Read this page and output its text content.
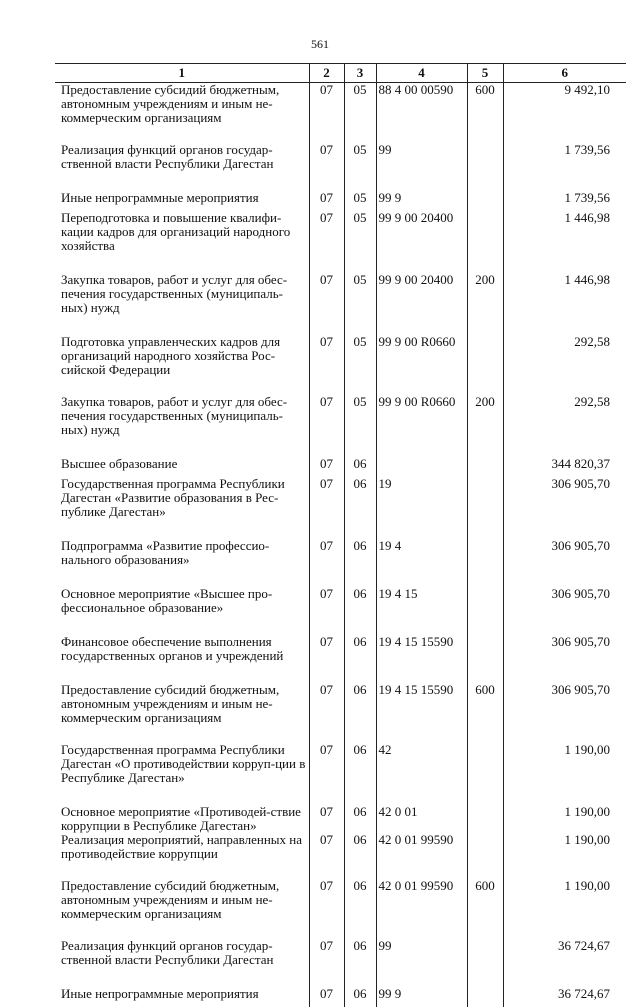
561
1	2	3	4	5	6
Предоставление субсидий бюджетным, автономным учреждениям и иным не-коммерческим организациям	07	05	88 4 00 00590	600	9 492,10
Реализация функций органов государ-ственной власти Республики Дагестан	07	05	99		1 739,56
Иные непрограммные мероприятия	07	05	99 9		1 739,56
Переподготовка и повышение квалифи-кации кадров для организаций народного хозяйства	07	05	99 9 00 20400		1 446,98
Закупка товаров, работ и услуг для обес-печения государственных (муниципаль-ных) нужд	07	05	99 9 00 20400	200	1 446,98
Подготовка управленческих кадров для организаций народного хозяйства Рос-сийской Федерации	07	05	99 9 00 R0660		292,58
Закупка товаров, работ и услуг для обес-печения государственных (муниципаль-ных) нужд	07	05	99 9 00 R0660	200	292,58
Высшее образование	07	06			344 820,37
Государственная программа Республики Дагестан «Развитие образования в Рес-публике Дагестан»	07	06	19		306 905,70
Подпрограмма «Развитие профессио-нального образования»	07	06	19 4		306 905,70
Основное мероприятие «Высшее про-фессиональное образование»	07	06	19 4 15		306 905,70
Финансовое обеспечение выполнения государственных органов и учреждений	07	06	19 4 15 15590		306 905,70
Предоставление субсидий бюджетным, автономным учреждениям и иным не-коммерческим организациям	07	06	19 4 15 15590	600	306 905,70
Государственная программа Республики Дагестан «О противодействии корруп-ции в Республике Дагестан»	07	06	42		1 190,00
Основное мероприятие «Противодей-ствие коррупции в Республике Дагестан»	07	06	42 0 01		1 190,00
Реализация мероприятий, направленных на противодействие коррупции	07	06	42 0 01 99590		1 190,00
Предоставление субсидий бюджетным, автономным учреждениям и иным не-коммерческим организациям	07	06	42 0 01 99590	600	1 190,00
Реализация функций органов государ-ственной власти Республики Дагестан	07	06	99		36 724,67
Иные непрограммные мероприятия	07	06	99 9		36 724,67
